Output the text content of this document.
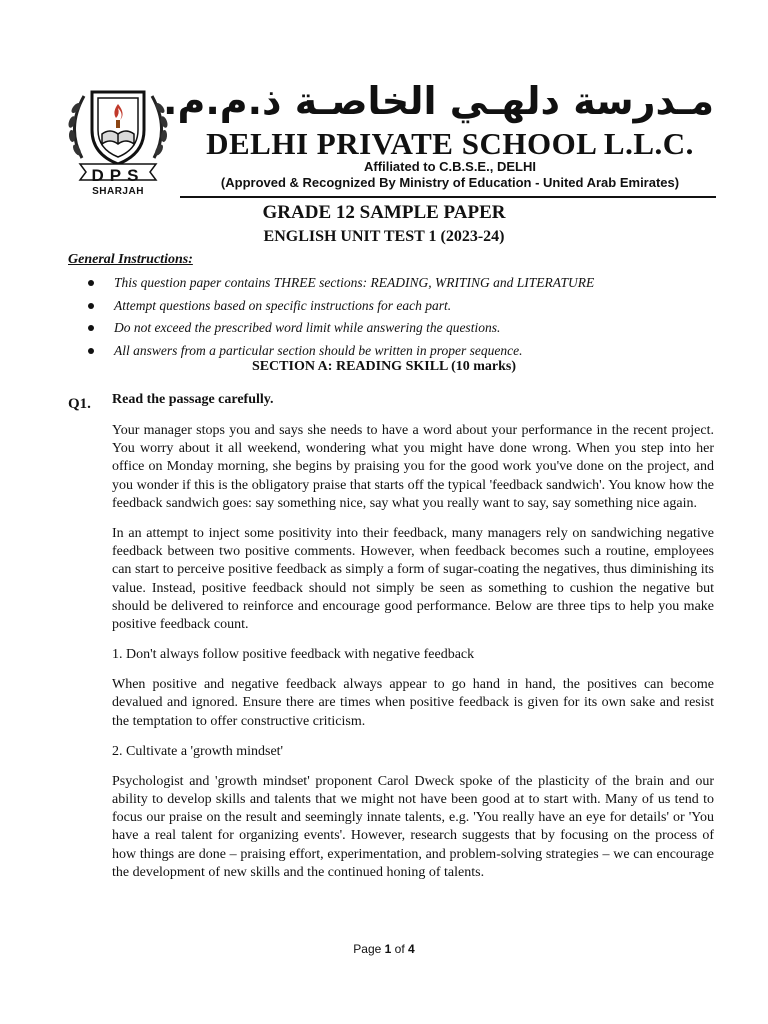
DPS
SHARJAH
مـدرسة دلهـي الخاصـة ذ.م.م.
DELHI PRIVATE SCHOOL L.L.C.
Affiliated to C.B.S.E., DELHI
(Approved & Recognized By Ministry of Education - United Arab Emirates)
GRADE 12 SAMPLE PAPER
ENGLISH UNIT TEST 1 (2023-24)
General Instructions:
This question paper contains THREE sections: READING, WRITING and LITERATURE
Attempt questions based on specific instructions for each part.
Do not exceed the prescribed word limit while answering the questions.
All answers from a particular section should be written in proper sequence.
SECTION A: READING SKILL (10 marks)
Q1. Read the passage carefully.

Your manager stops you and says she needs to have a word about your performance in the recent project. You worry about it all weekend, wondering what you might have done wrong. When you step into her office on Monday morning, she begins by praising you for the good work you've done on the project, and you wonder if this is the obligatory praise that starts off the typical 'feedback sandwich'. You know how the feedback sandwich goes: say something nice, say what you really want to say, say something nice again.

In an attempt to inject some positivity into their feedback, many managers rely on sandwiching negative feedback between two positive comments. However, when feedback becomes such a routine, employees can start to perceive positive feedback as simply a form of sugar-coating the negatives, thus diminishing its value. Instead, positive feedback should not simply be seen as something to cushion the negative but should be delivered to reinforce and encourage good performance. Below are three tips to help you make positive feedback count.

1. Don't always follow positive feedback with negative feedback

When positive and negative feedback always appear to go hand in hand, the positives can become devalued and ignored. Ensure there are times when positive feedback is given for its own sake and resist the temptation to offer constructive criticism.

2. Cultivate a 'growth mindset'

Psychologist and 'growth mindset' proponent Carol Dweck spoke of the plasticity of the brain and our ability to develop skills and talents that we might not have been good at to start with. Many of us tend to focus our praise on the result and seemingly innate talents, e.g. 'You really have an eye for details' or 'You have a real talent for organizing events'. However, research suggests that by focusing on the process of how things are done – praising effort, experimentation, and problem-solving strategies – we can encourage the development of new skills and the continued honing of talents.

Page 1 of 4
